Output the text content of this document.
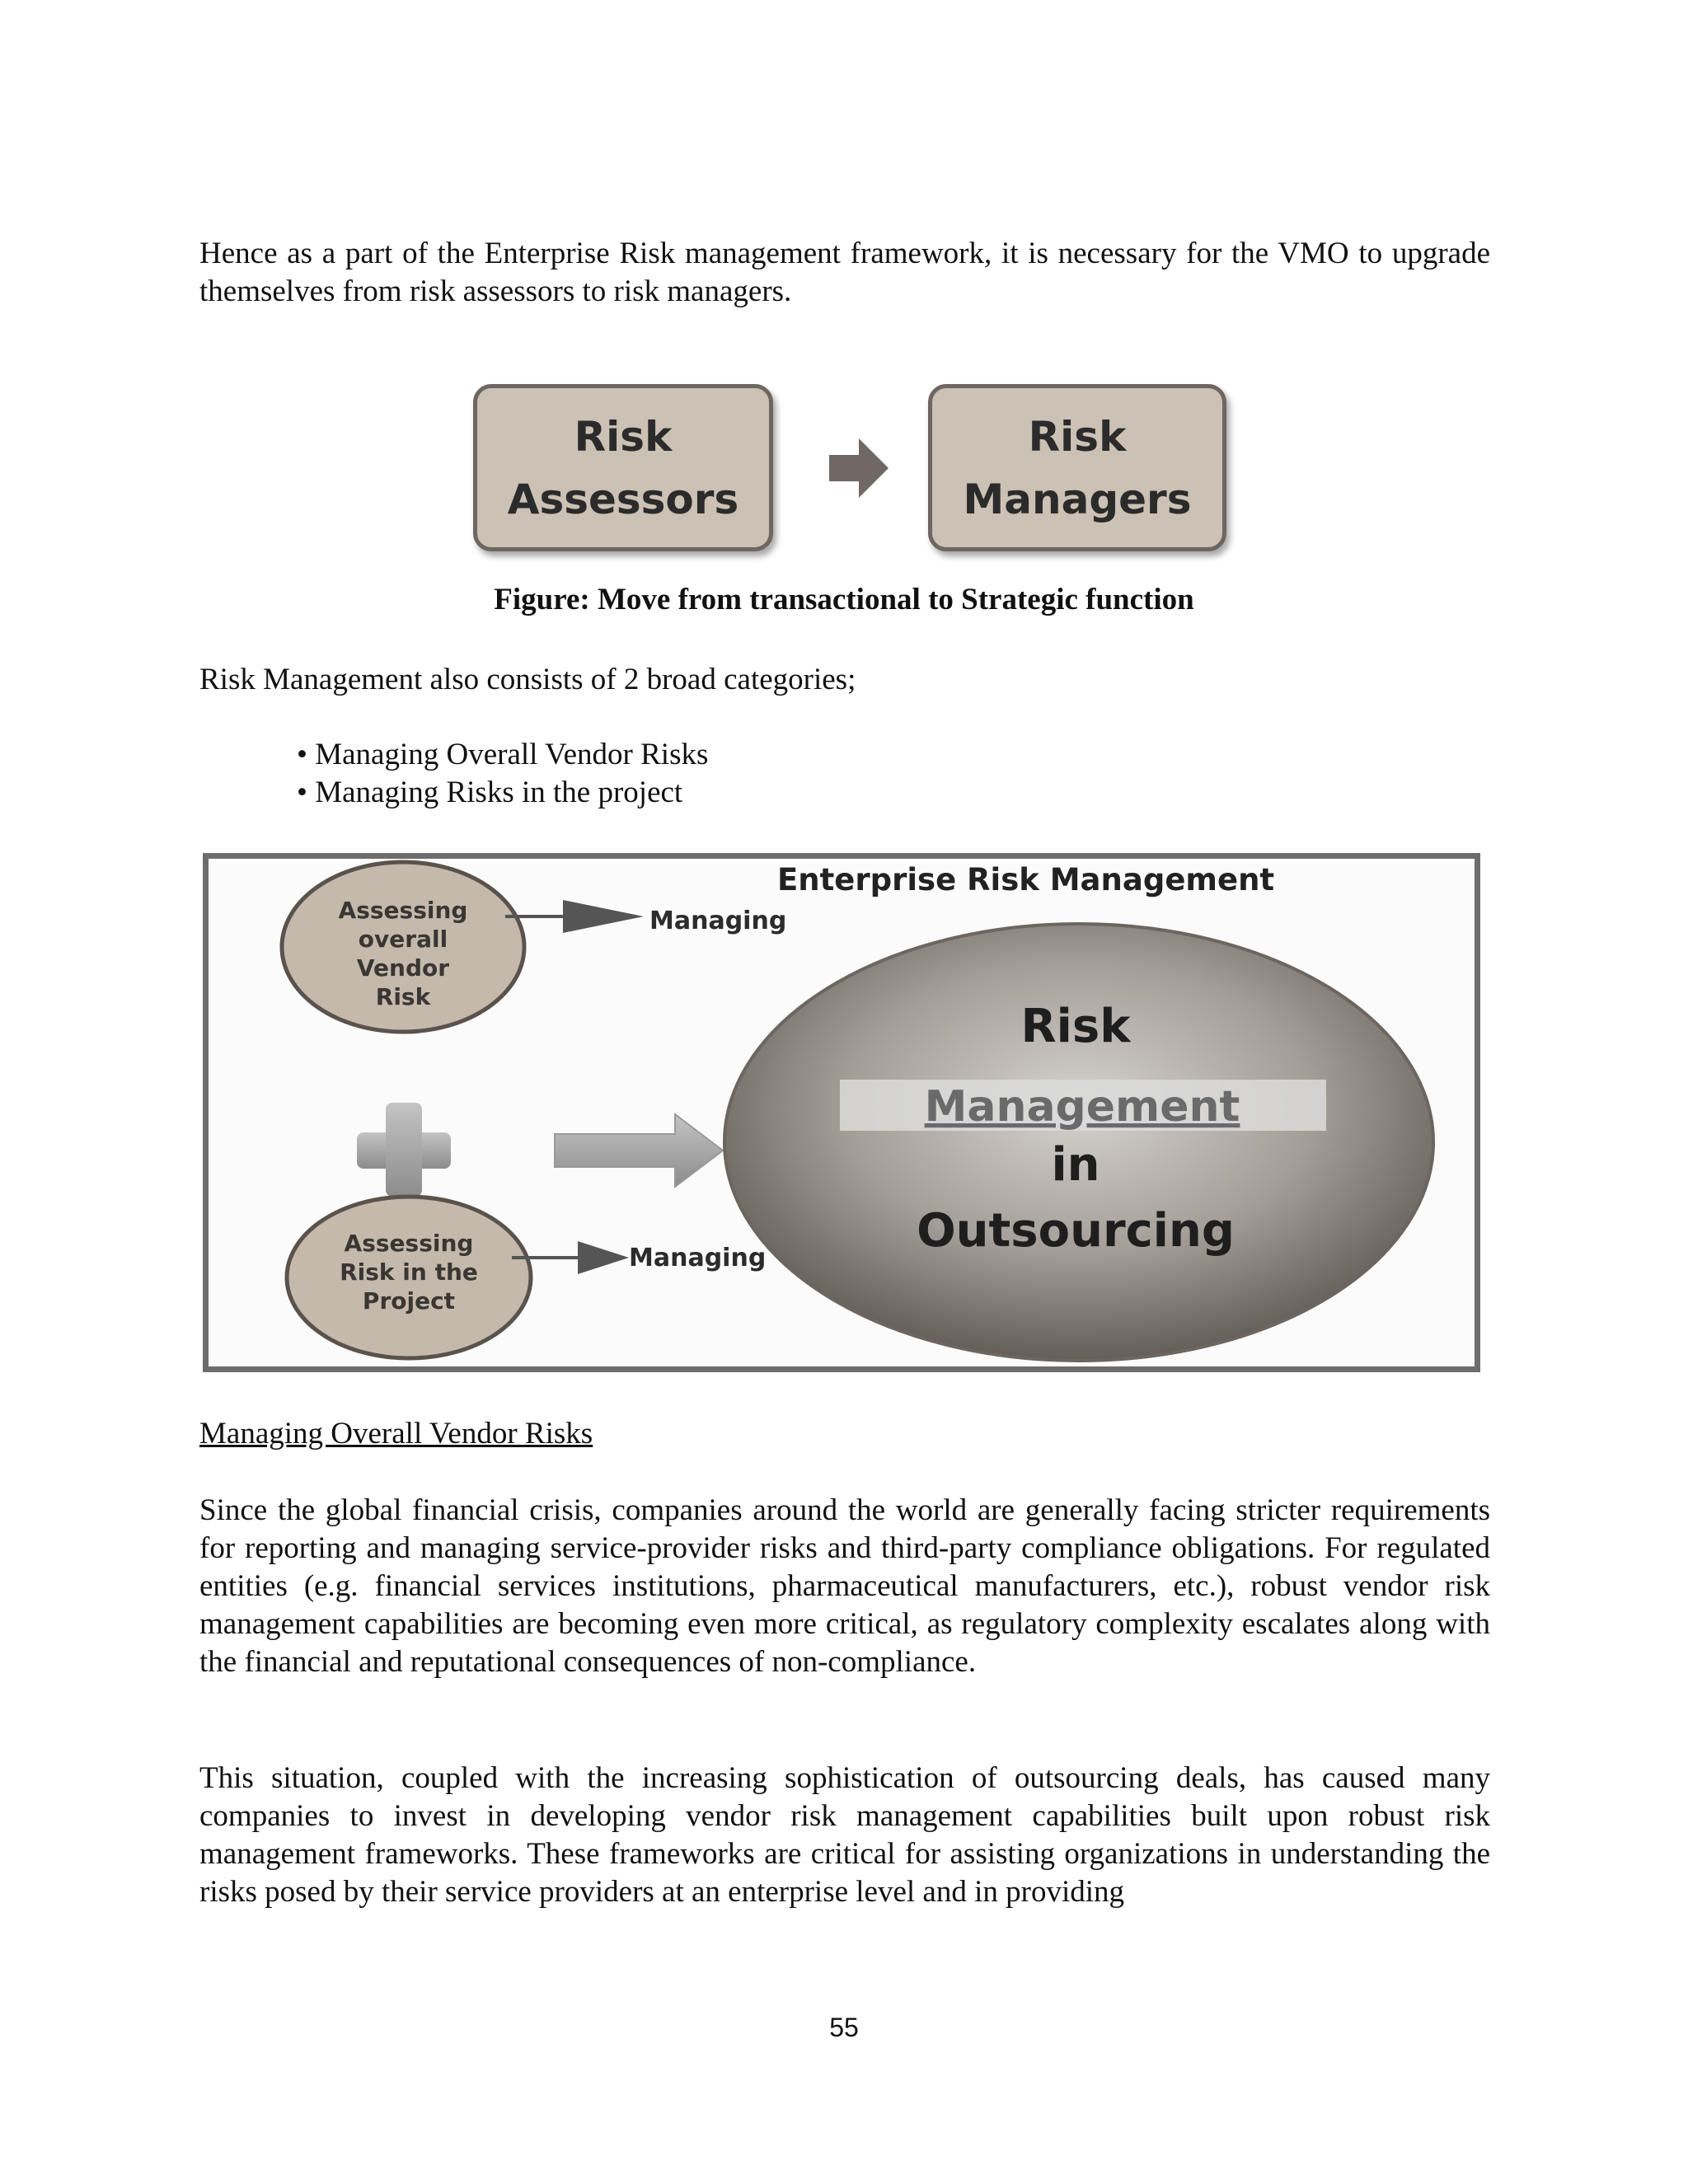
Hence as a part of the Enterprise Risk management framework, it is necessary for the VMO to upgrade themselves from risk assessors to risk managers.

Risk
Assessors
Risk
Managers
Figure: Move from transactional to Strategic function

Risk Management also consists of 2 broad categories;

• Managing Overall Vendor Risks
• Managing Risks in the project
Enterprise Risk Management
Assessing
overall
Vendor
Risk
Managing
Assessing
Risk in the
Project
Managing
Risk
Management
in
Outsourcing
Managing Overall Vendor Risks

Since the global financial crisis, companies around the world are generally facing stricter requirements for reporting and managing service-provider risks and third-party compliance obligations. For regulated entities (e.g. financial services institutions, pharmaceutical manufacturers, etc.), robust vendor risk management capabilities are becoming even more critical, as regulatory complexity escalates along with the financial and reputational consequences of non-compliance.

This situation, coupled with the increasing sophistication of outsourcing deals, has caused many companies to invest in developing vendor risk management capabilities built upon robust risk management frameworks. These frameworks are critical for assisting organizations in understanding the risks posed by their service providers at an enterprise level and in providing

55
